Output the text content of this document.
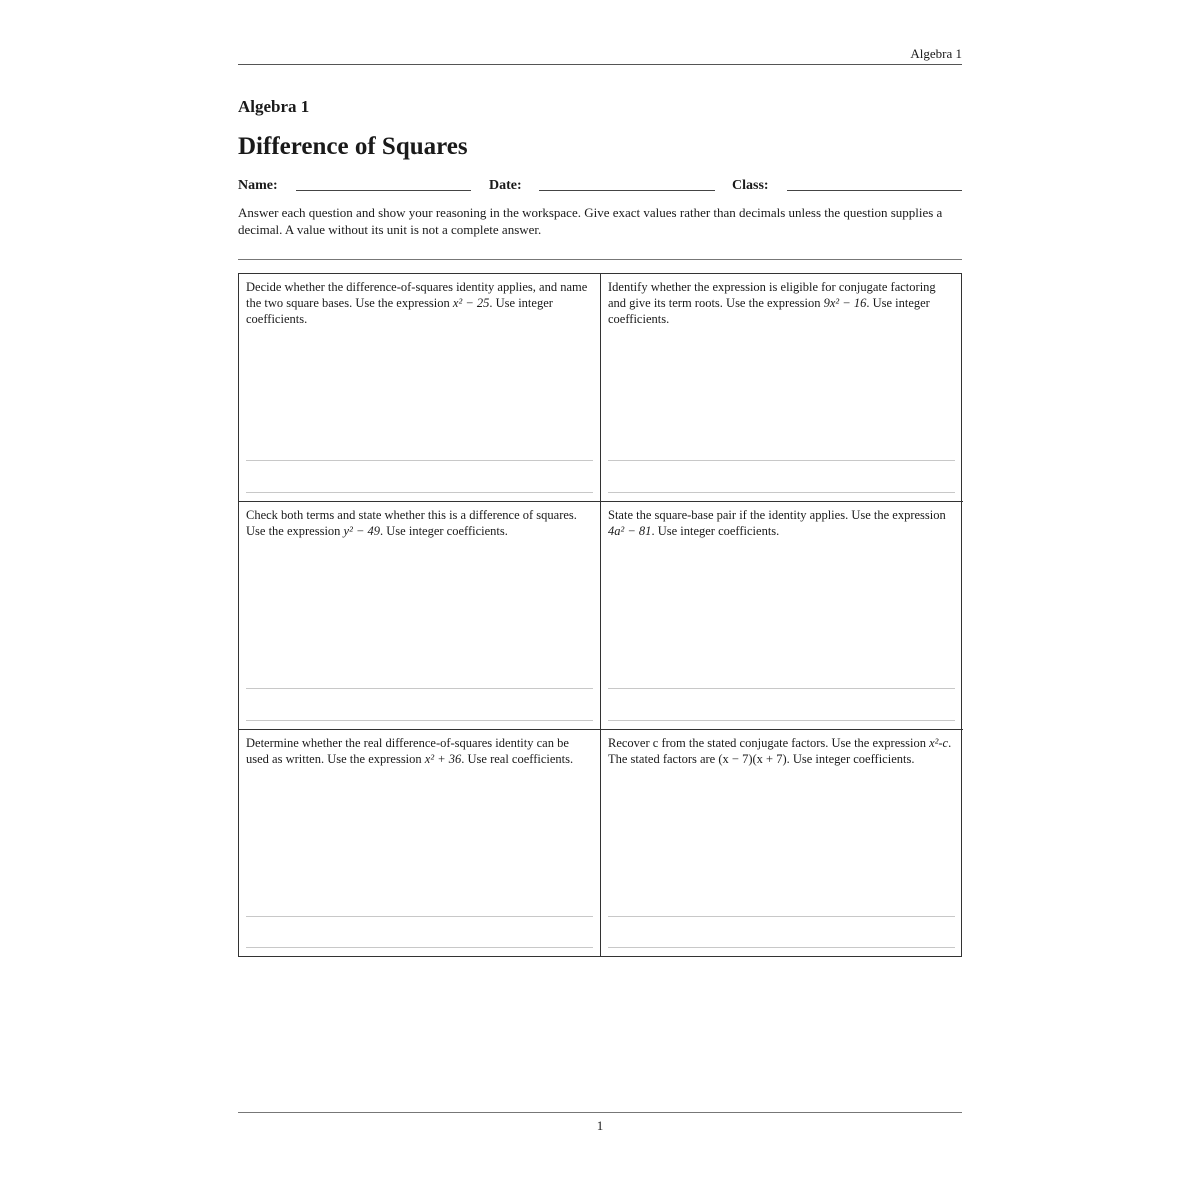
Algebra 1
Algebra 1
Difference of Squares
Name:	Date:	Class:

Answer each question and show your reasoning in the workspace. Give exact values rather than decimals unless the question supplies a decimal. A value without its unit is not a complete answer.

Decide whether the difference-of-squares identity applies, and name the two square bases. Use the expression x² − 25. Use integer coefficients.

Identify whether the expression is eligible for conjugate factoring and give its term roots. Use the expression 9x² − 16. Use integer coefficients.

Check both terms and state whether this is a difference of squares. Use the expression y² − 49. Use integer coefficients.

State the square-base pair if the identity applies. Use the expression 4a² − 81. Use integer coefficients.

Determine whether the real difference-of-squares identity can be used as written. Use the expression x² + 36. Use real coefficients.

Recover c from the stated conjugate factors. Use the expression x²-c. The stated factors are (x − 7)(x + 7). Use integer coefficients.

1
